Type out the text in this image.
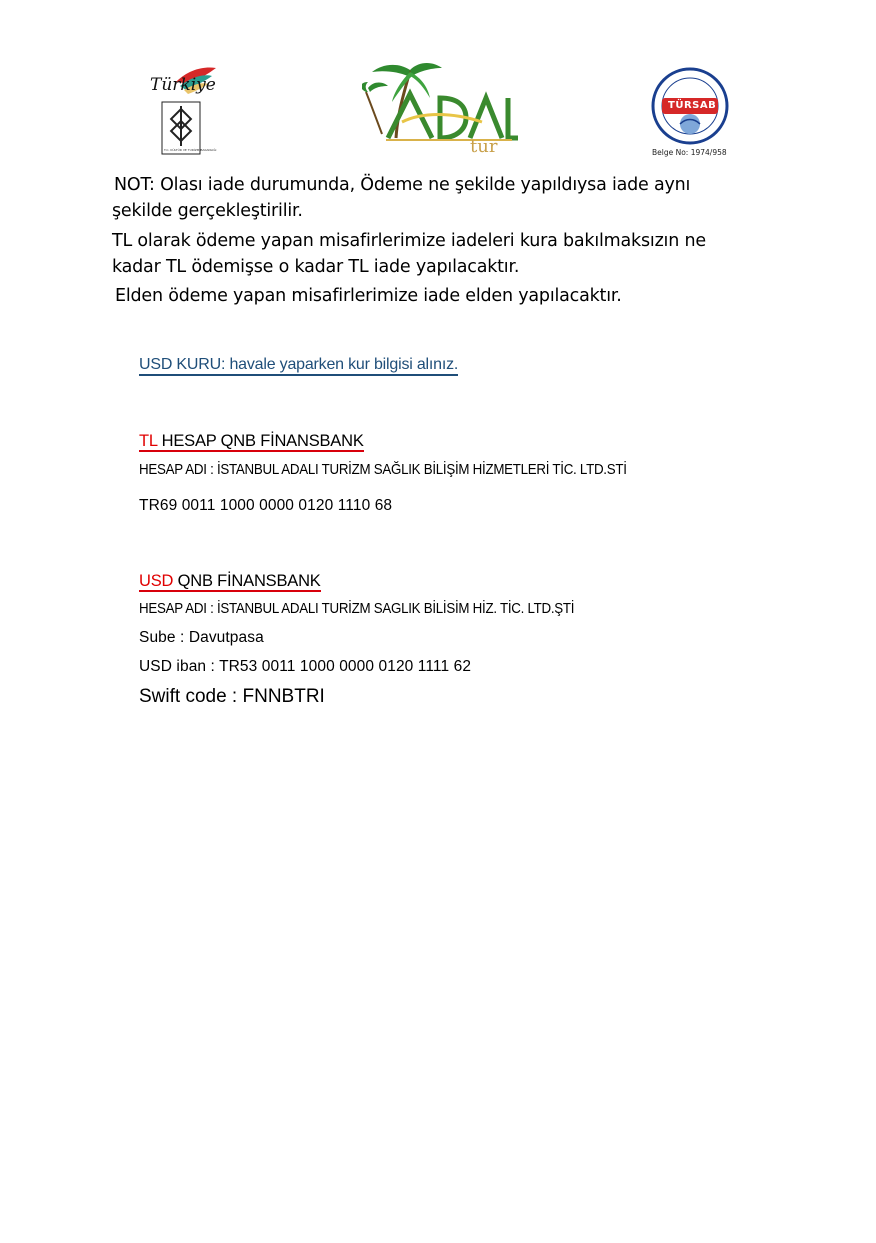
Türkiye
T.C. KÜLTÜR VE TURİZM BAKANLIĞI	tur
TÜRSAB
Belge No: 1974/958
NOT: Olası iade durumunda, Ödeme ne şekilde yapıldıysa iade aynı
şekilde gerçekleştirilir.
TL olarak ödeme yapan misafirlerimize iadeleri kura bakılmaksızın ne
kadar TL ödemişse o kadar TL iade yapılacaktır.
Elden ödeme yapan misafirlerimize iade elden yapılacaktır.
USD KURU: havale yaparken kur bilgisi alınız.
TL HESAP QNB FİNANSBANK
HESAP ADI : İSTANBUL ADALI TURİZM SAĞLIK BİLİŞİM HİZMETLERİ TİC. LTD.STİ
TR69 0011 1000 0000 0120 1110 68
USD QNB FİNANSBANK
HESAP ADI : İSTANBUL ADALI TURİZM SAGLIK BİLİSİM HİZ. TİC. LTD.ŞTİ
Sube : Davutpasa
USD iban : TR53 0011 1000 0000 0120 1111 62
Swift code : FNNBTRI
